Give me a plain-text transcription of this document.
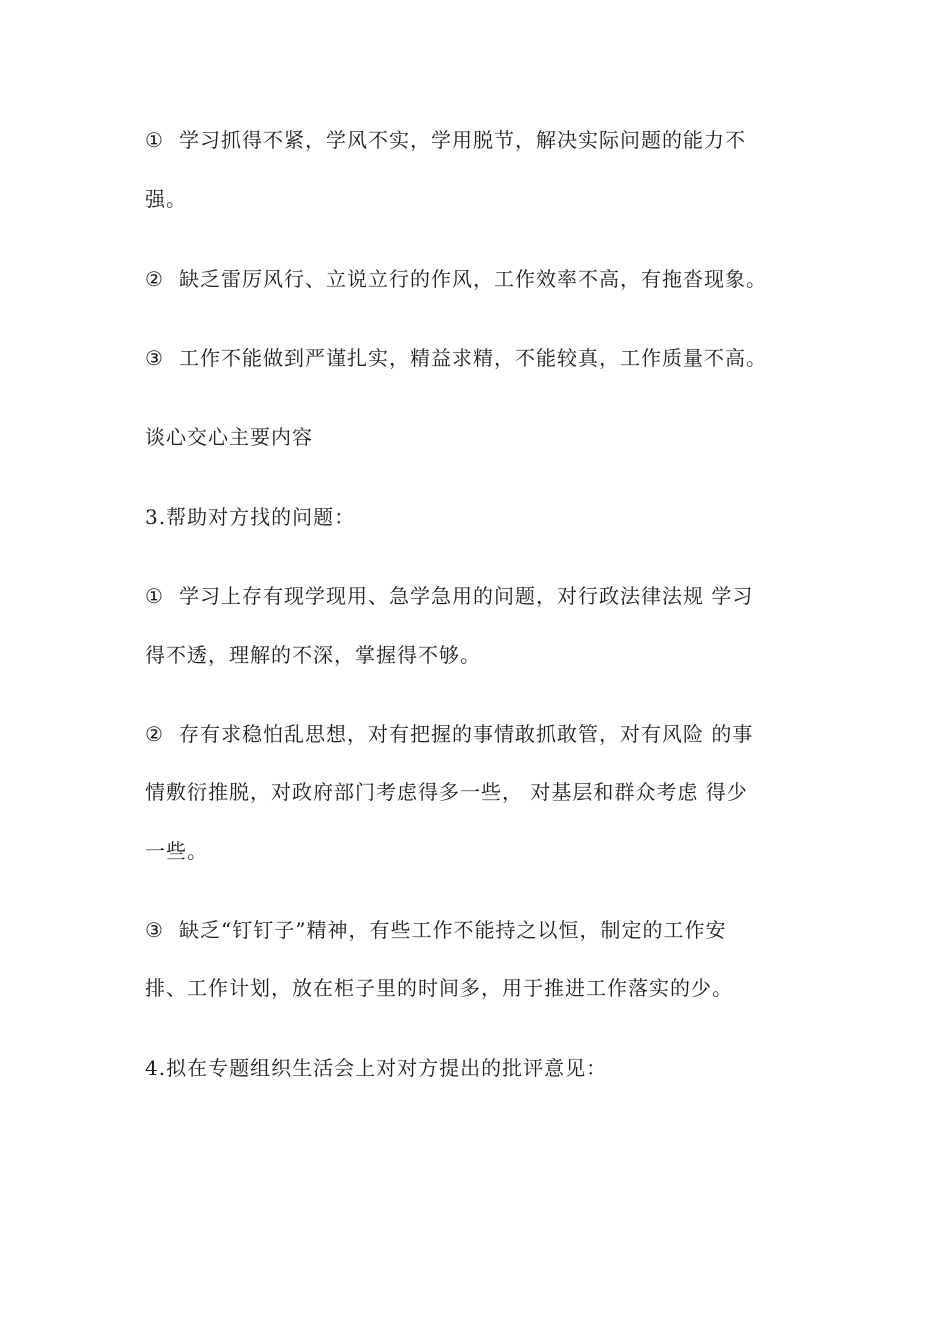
① 学习抓得不紧，学风不实，学用脱节，解决实际问题的能力不
强。
② 缺乏雷厉风行、立说立行的作风，工作效率不高，有拖沓现象。
③ 工作不能做到严谨扎实，精益求精，不能较真，工作质量不高。
谈心交心主要内容
3.帮助对方找的问题：
① 学习上存有现学现用、急学急用的问题，对行政法律法规 学习
得不透，理解的不深，掌握得不够。
② 存有求稳怕乱思想，对有把握的事情敢抓敢管，对有风险 的事
情敷衍推脱，对政府部门考虑得多一些， 对基层和群众考虑 得少
一些。
③ 缺乏“钉钉子”精神，有些工作不能持之以恒，制定的工作安
排、工作计划，放在柜子里的时间多，用于推进工作落实的少。
4.拟在专题组织生活会上对对方提出的批评意见：
